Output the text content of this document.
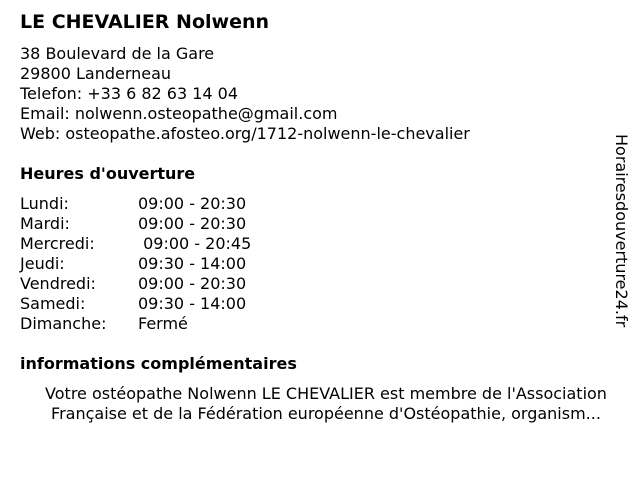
LE CHEVALIER Nolwenn
38 Boulevard de la Gare
29800 Landerneau
Telefon: +33 6 82 63 14 04
Email: nolwenn.osteopathe@gmail.com
Web: osteopathe.afosteo.org/1712-nolwenn-le-chevalier
Heures d'ouverture
Lundi:	09:00 - 20:30
Mardi:	09:00 - 20:30
Mercredi:	09:00 - 20:45
Jeudi:	09:30 - 14:00
Vendredi:	09:00 - 20:30
Samedi:	09:30 - 14:00
Dimanche: Fermé
informations complémentaires
Votre ostéopathe Nolwenn LE CHEVALIER est membre de l'Association
Française et de la Fédération européenne d'Ostéopathie, organism...
Horairesdouverture24.fr
